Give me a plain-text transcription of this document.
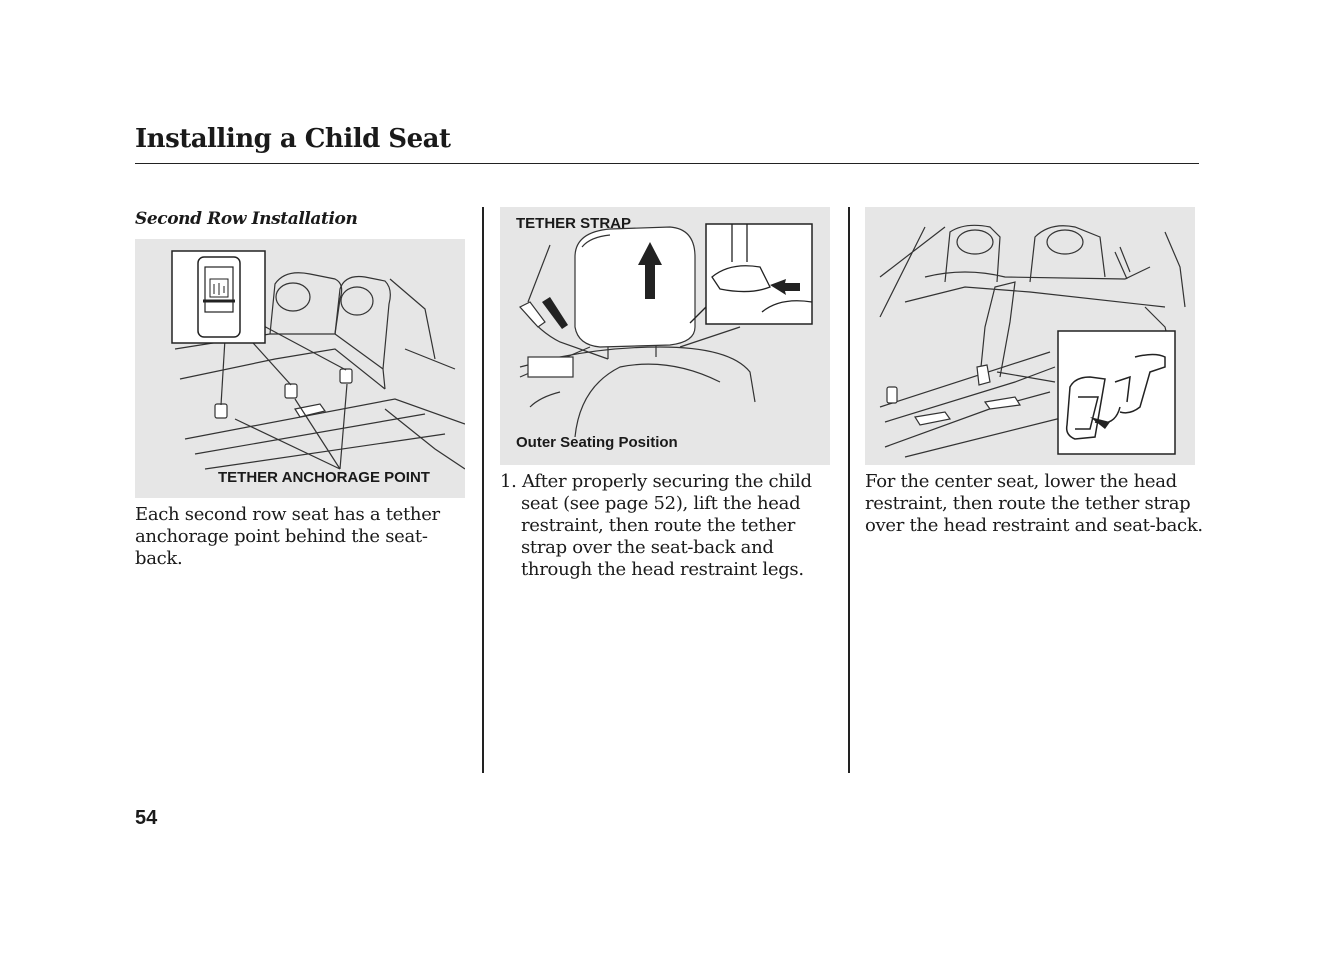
Installing a Child Seat
Second Row Installation
TETHER ANCHORAGE POINT
Each second row seat has a tether anchorage point behind the seat-back.
TETHER STRAP
Outer Seating Position
1. After properly securing the child seat (see page 52), lift the head restraint, then route the tether strap over the seat-back and through the head restraint legs.
For the center seat, lower the head restraint, then route the tether strap over the head restraint and seat-back.
54
